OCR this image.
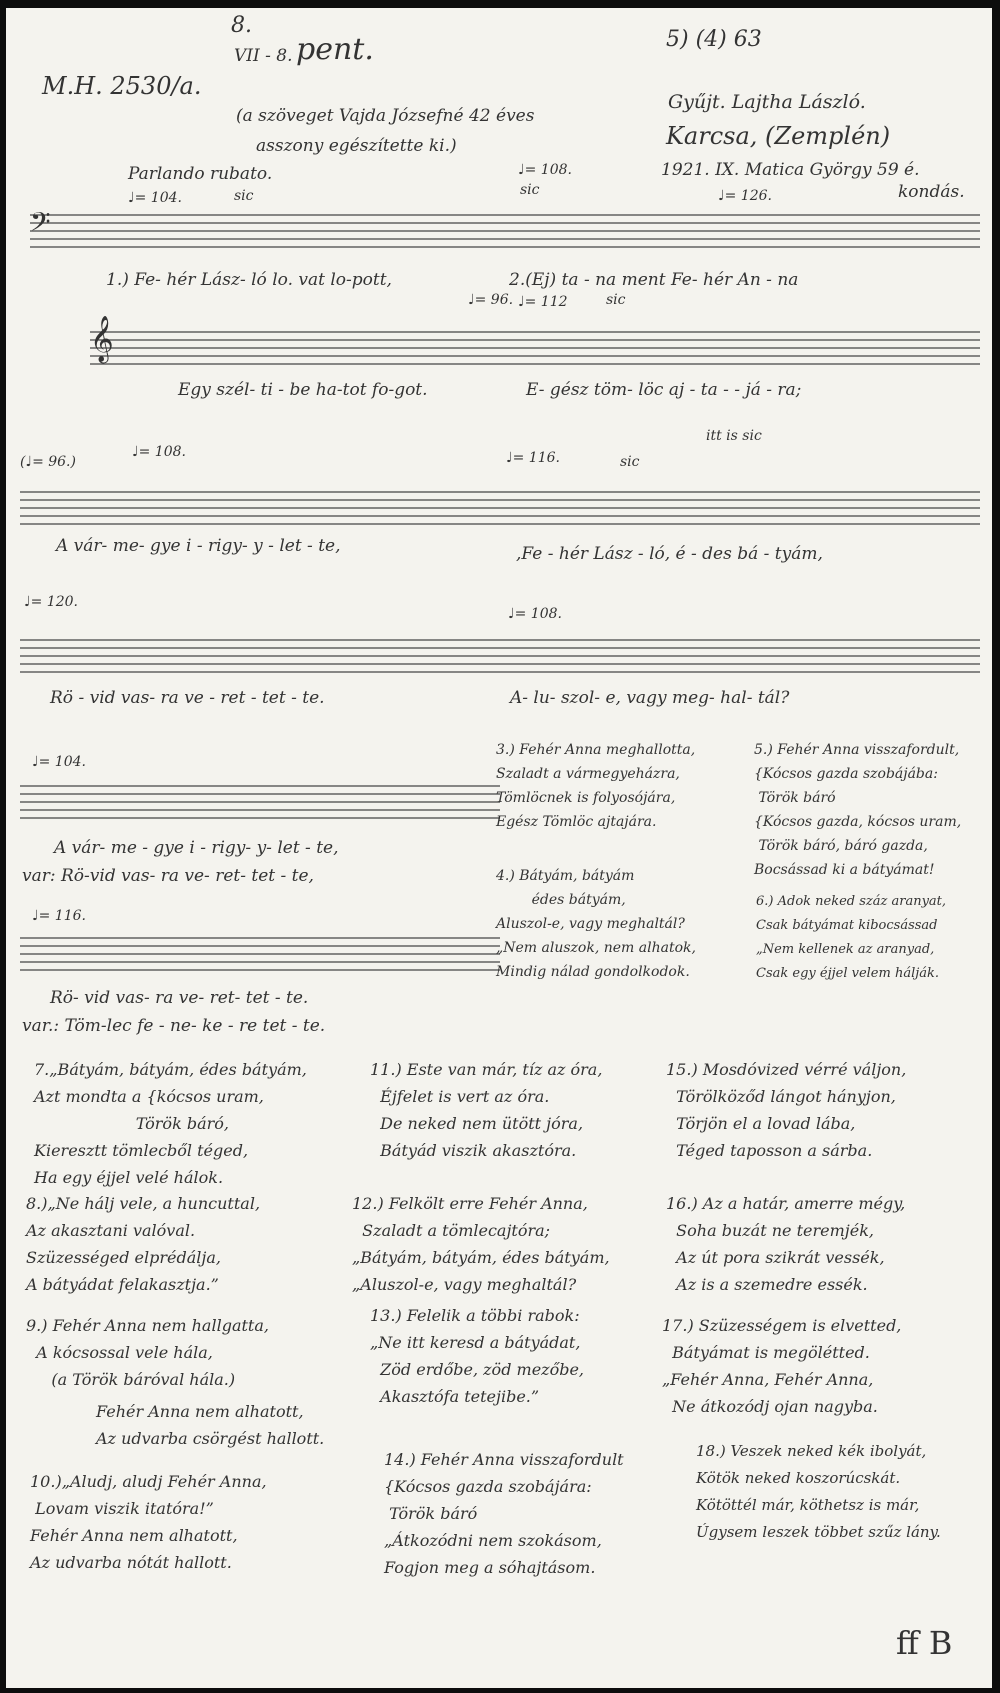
8.
VII - 8. pent.	5) (4) 63
M.H. 2530/a.
(a szöveget Vajda Józsefné 42 éves
asszony egészítette ki.)
Gyűjt. Lajtha László.
Karcsa, (Zemplén)
1921. IX. Matica György 59 é.
kondás.
Parlando rubato.
♩= 104.	sic
♩= 108.
sic	♩= 126.
𝄢
1.) Fe- hér Lász- ló lo. vat lo-pott,	2.(Ej) ta - na ment Fe- hér An - na
♩= 96. ♩= 112	sic
𝄞
Egy szél- ti - be ha-tot fo-got.	E- gész töm- löc aj - ta - - já - ra;
itt is sic
(♩= 96.)
♩= 108.	♩= 116.	sic
A vár- me- gye i - rigy- y - let - te,	,Fe - hér Lász - ló, é - des bá - tyám,
♩= 120.
♩= 108.
Rö - vid vas- ra ve - ret - tet - te.	A- lu- szol- e, vagy meg- hal- tál?
♩= 104.
A vár- me - gye i - rigy- y- let - te,
var: Rö-vid vas- ra ve- ret- tet - te,
♩= 116.
Rö- vid vas- ra ve- ret- tet - te.
var.: Töm-lec fe - ne- ke - re tet - te.
3.) Fehér Anna meghallotta,
Szaladt a vármegyeházra,
Tömlöcnek is folyosójára,
Egész Tömlöc ajtajára.
5.) Fehér Anna visszafordult,
{Kócsos gazda szobájába:
Török báró
{Kócsos gazda, kócsos uram,
Török báró, báró gazda,
Bocsássad ki a bátyámat!
4.) Bátyám, bátyám
édes bátyám,
Aluszol-e, vagy meghaltál?
„Nem aluszok, nem alhatok,
Mindig nálad gondolkodok.
6.) Adok neked száz aranyat,
Csak bátyámat kibocsássad
„Nem kellenek az aranyad,
Csak egy éjjel velem hálják.
7.„Bátyám, bátyám, édes bátyám,
Azt mondta a {kócsos uram,
Török báró,
Kieresztt tömlecből téged,
Ha egy éjjel velé hálok.
11.) Este van már, tíz az óra,
Éjfelet is vert az óra.
De neked nem ütött jóra,
Bátyád viszik akasztóra.
15.) Mosdóvized vérré váljon,
Törölköződ lángot hányjon,
Törjön el a lovad lába,
Téged taposson a sárba.
8.)„Ne hálj vele, a huncuttal,
Az akasztani valóval.
Szüzességed elprédálja,
A bátyádat felakasztja.”
12.) Felkölt erre Fehér Anna,
Szaladt a tömlecajtóra;
„Bátyám, bátyám, édes bátyám,
„Aluszol-e, vagy meghaltál?
16.) Az a határ, amerre mégy,
Soha buzát ne teremjék,
Az út pora szikrát vessék,
Az is a szemedre essék.
9.) Fehér Anna nem hallgatta,
A kócsossal vele hála,
(a Török báróval hála.)
Fehér Anna nem alhatott,
Az udvarba csörgést hallott.
13.) Felelik a többi rabok:
„Ne itt keresd a bátyádat,
Zöd erdőbe, zöd mezőbe,
Akasztófa tetejibe.”
17.) Szüzességem is elvetted,
Bátyámat is megölétted.
„Fehér Anna, Fehér Anna,
Ne átkozódj ojan nagyba.
10.)„Aludj, aludj Fehér Anna,
Lovam viszik itatóra!”
Fehér Anna nem alhatott,
Az udvarba nótát hallott.
14.) Fehér Anna visszafordult
{Kócsos gazda szobájára:
Török báró
„Átkozódni nem szokásom,
Fogjon meg a sóhajtásom.
18.) Veszek neked kék ibolyát,
Kötök neked koszorúcskát.
Kötöttél már, köthetsz is már,
Úgysem leszek többet szűz lány.
ff B
